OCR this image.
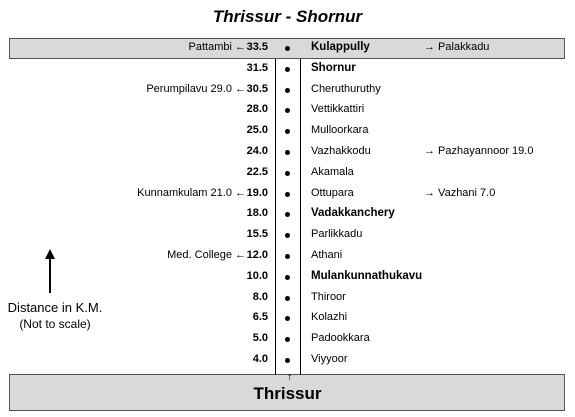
Thrissur - Shornur
Pattambi ← 33.5	Kulappully	→ Palakkadu
31.5	Shornur
Perumpilavu 29.0 ← 30.5	Cheruthuruthy
28.0	Vettikkattiri
25.0	Mulloorkara
24.0	Vazhakkodu	→ Pazhayannoor 19.0
22.5	Akamala
Kunnamkulam 21.0 ← 19.0	Ottupara	→ Vazhani 7.0
18.0	Vadakkanchery
15.5	Parlikkadu
Med. College ← 12.0	Athani
10.0	Mulankunnathukavu
8.0	Thiroor
6.5	Kolazhi
5.0	Padookkara
4.0	Viyyoor
↑
Thrissur
Distance in K.M.
(Not to scale)
